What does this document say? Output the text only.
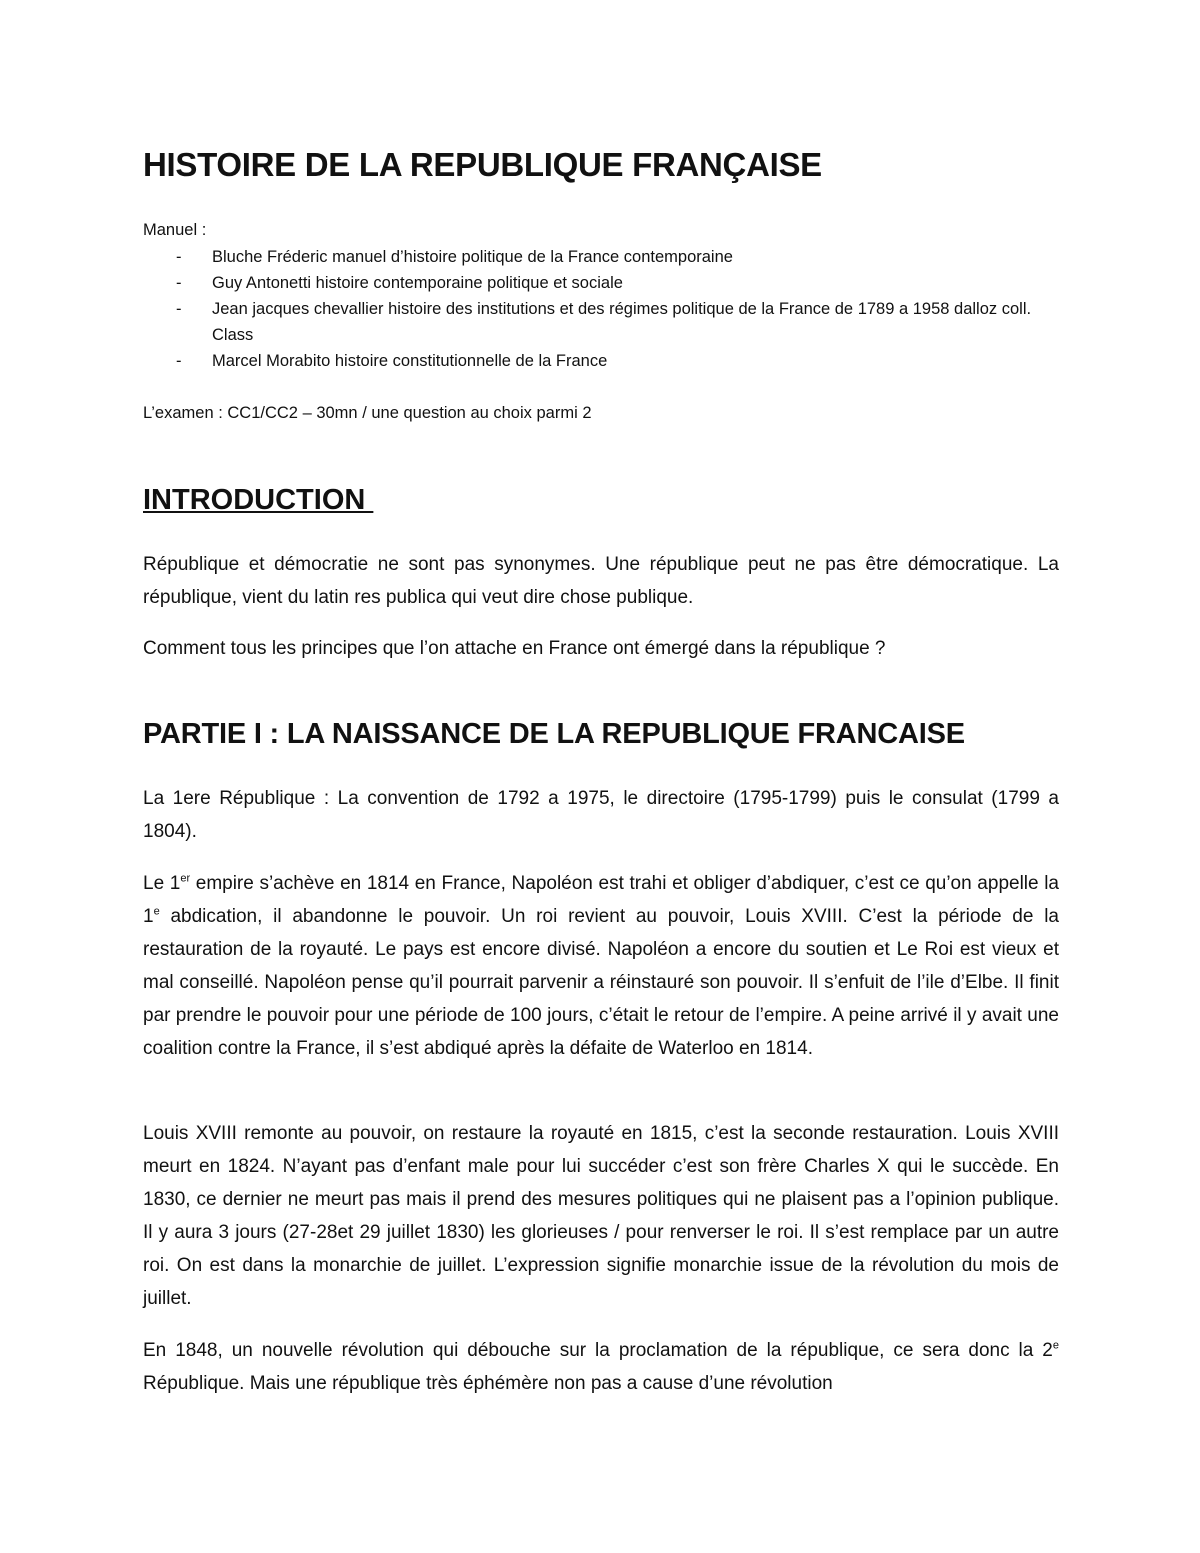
HISTOIRE DE LA REPUBLIQUE FRANÇAISE
Manuel :
- Bluche Fréderic manuel d’histoire politique de la France contemporaine
- Guy Antonetti histoire contemporaine politique et sociale
- Jean jacques chevallier histoire des institutions et des régimes politique de la France de 1789 a 1958 dalloz coll. Class
- Marcel Morabito histoire constitutionnelle de la France
L’examen : CC1/CC2 – 30mn / une question au choix parmi 2
INTRODUCTION

République et démocratie ne sont pas synonymes. Une république peut ne pas être démocratique. La république, vient du latin res publica qui veut dire chose publique.

Comment tous les principes que l’on attache en France ont émergé dans la république ?

PARTIE I : LA NAISSANCE DE LA REPUBLIQUE FRANCAISE

La 1ere République : La convention de 1792 a 1975, le directoire (1795-1799) puis le consulat (1799 a 1804).

Le 1er empire s’achève en 1814 en France, Napoléon est trahi et obliger d’abdiquer, c’est ce qu’on appelle la 1e abdication, il abandonne le pouvoir. Un roi revient au pouvoir, Louis XVIII. C’est la période de la restauration de la royauté. Le pays est encore divisé. Napoléon a encore du soutien et Le Roi est vieux et mal conseillé. Napoléon pense qu’il pourrait parvenir a réinstauré son pouvoir. Il s’enfuit de l’ile d’Elbe. Il finit par prendre le pouvoir pour une période de 100 jours, c’était le retour de l’empire. A peine arrivé il y avait une coalition contre la France, il s’est abdiqué après la défaite de Waterloo en 1814.

Louis XVIII remonte au pouvoir, on restaure la royauté en 1815, c’est la seconde restauration. Louis XVIII meurt en 1824. N’ayant pas d’enfant male pour lui succéder c’est son frère Charles X qui le succède. En 1830, ce dernier ne meurt pas mais il prend des mesures politiques qui ne plaisent pas a l’opinion publique. Il y aura 3 jours (27-28et 29 juillet 1830) les glorieuses / pour renverser le roi. Il s’est remplace par un autre roi. On est dans la monarchie de juillet. L’expression signifie monarchie issue de la révolution du mois de juillet.

En 1848, un nouvelle révolution qui débouche sur la proclamation de la république, ce sera donc la 2e République. Mais une république très éphémère non pas a cause d’une révolution
